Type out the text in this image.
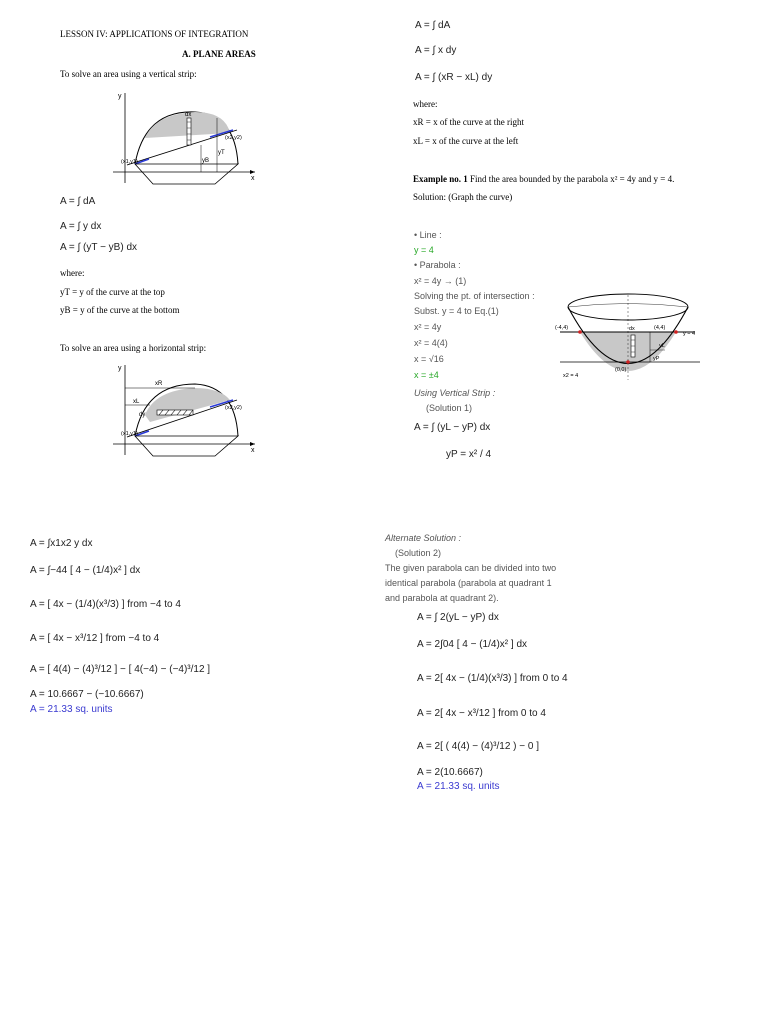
LESSON IV: APPLICATIONS OF INTEGRATION
A. PLANE AREAS
To solve an area using a vertical strip:
y
x
dx
(x1,y1)
(x2,y2)
yB
yT
A = ∫ dA
A = ∫ y dx
A = ∫ (yT − yB) dx
where:
yT = y of the curve at the top
yB = y of the curve at the bottom
To solve an area using a horizontal strip:
y
x
xR
xL
dy
(x1,y1)
(x2,y2)
A = ∫ dA
A = ∫ x dy
A = ∫ (xR − xL) dy
where:
xR = x of the curve at the right
xL = x of the curve at the left
Example no. 1 Find the area bounded by the parabola x² = 4y and y = 4.
Solution: (Graph the curve)
• Line :
y = 4
• Parabola :
x² = 4y → (1)
Solving the pt. of intersection :
Subst. y = 4 to Eq.(1)
x² = 4y
x² = 4(4)
x = √16
x = ±4
Using Vertical Strip :
(Solution 1)
A = ∫ (yL − yP) dx
yP = x² / 4
(-4,4)	(4,4)
(0,0)
y = 4
dx
yL
yP
x2 = 4
A = ∫x1x2 y dx
A = ∫−44 [ 4 − (1/4)x² ] dx
A = [ 4x − (1/4)(x³/3) ] from −4 to 4
A = [ 4x − x³/12 ] from −4 to 4
A = [ 4(4) − (4)³/12 ] − [ 4(−4) − (−4)³/12 ]
A = 10.6667 − (−10.6667)
A = 21.33 sq. units
Alternate Solution :
(Solution 2)
The given parabola can be divided into two
identical parabola (parabola at quadrant 1
and parabola at quadrant 2).
A = ∫ 2(yL − yP) dx
A = 2∫04 [ 4 − (1/4)x² ] dx
A = 2[ 4x − (1/4)(x³/3) ] from 0 to 4
A = 2[ 4x − x³/12 ] from 0 to 4
A = 2[ ( 4(4) − (4)³/12 ) − 0 ]
A = 2(10.6667)
A = 21.33 sq. units
